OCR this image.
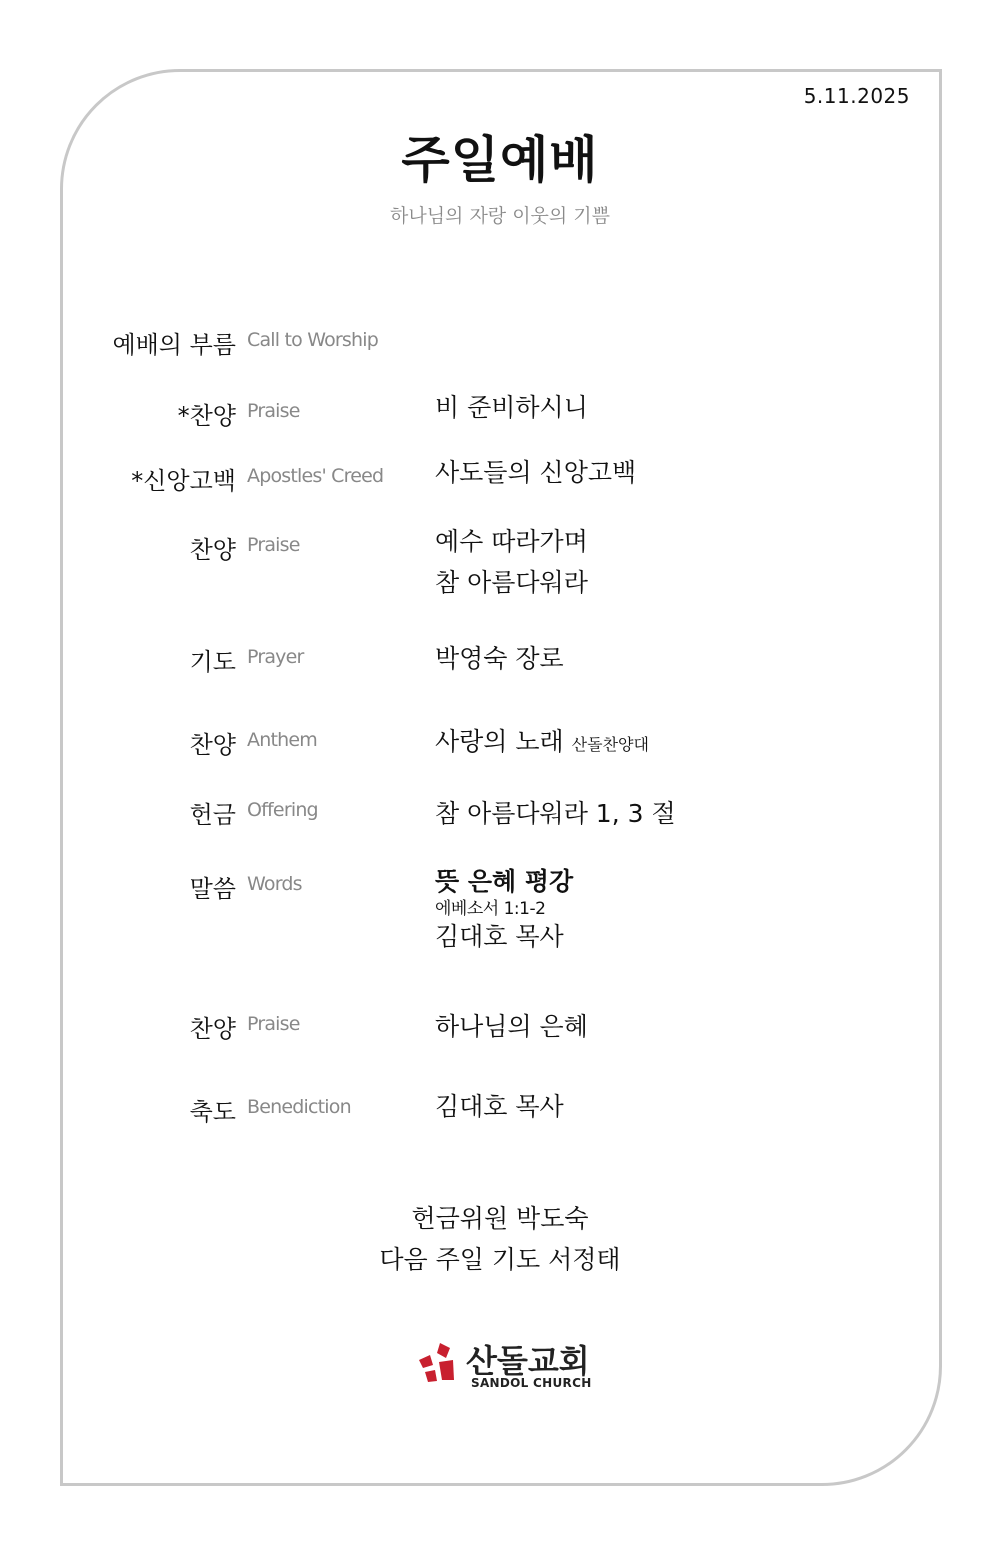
5.11.2025
주일예배
하나님의 자랑 이웃의 기쁨
예배의 부름 Call to Worship
*찬양 Praise	비 준비하시니
*신앙고백 Apostles' Creed 사도들의 신앙고백
찬양 Praise	예수 따라가며
참 아름다워라
기도 Prayer	박영숙 장로
찬양 Anthem	사랑의 노래 산돌찬양대
헌금 Offering	참 아름다워라 1, 3 절
말씀 Words	뜻 은혜 평강
에베소서 1:1-2
김대호 목사
찬양 Praise	하나님의 은혜
축도 Benediction	김대호 목사
헌금위원 박도숙
다음 주일 기도 서정태
산돌교회
SANDOL CHURCH
